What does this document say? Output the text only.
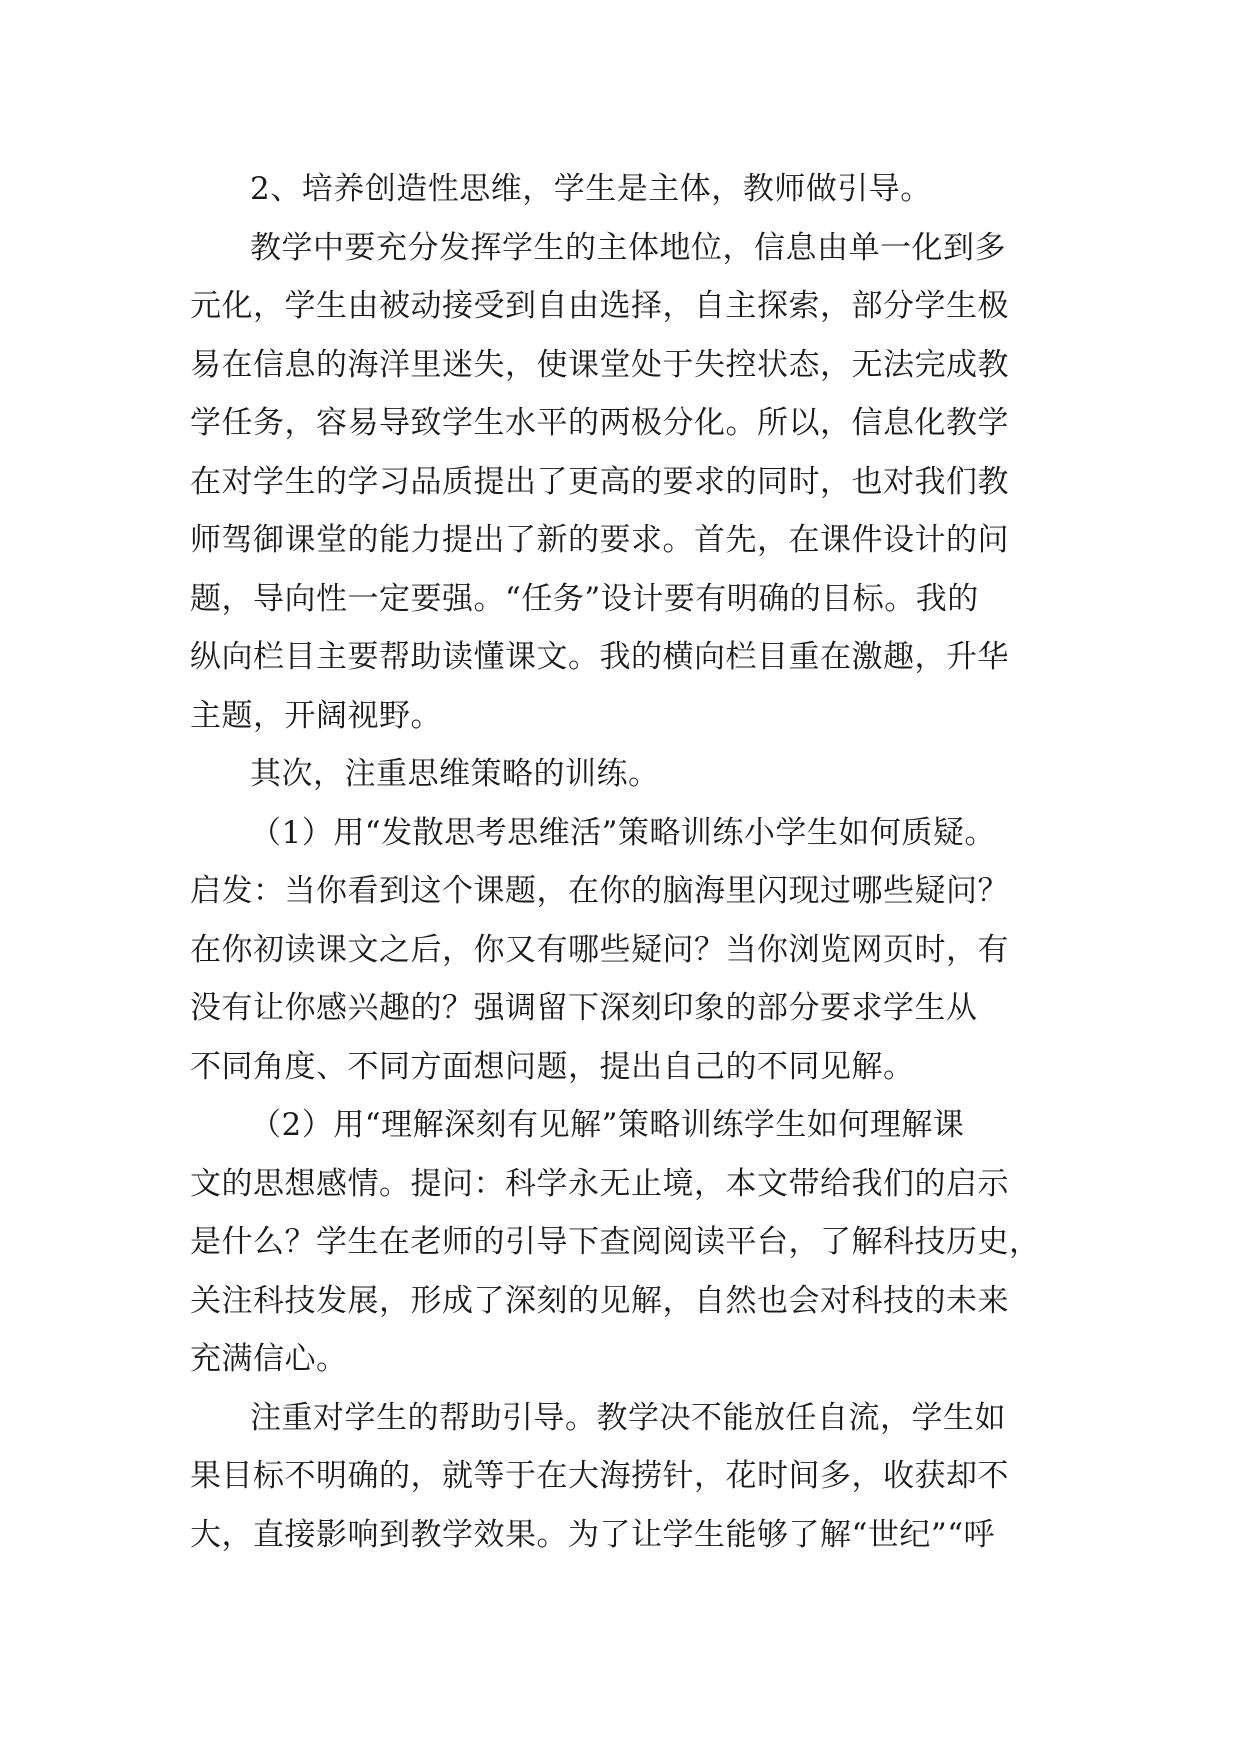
2、培养创造性思维，学生是主体，教师做引导。
教学中要充分发挥学生的主体地位，信息由单一化到多
元化，学生由被动接受到自由选择，自主探索，部分学生极
易在信息的海洋里迷失，使课堂处于失控状态，无法完成教
学任务，容易导致学生水平的两极分化。所以，信息化教学
在对学生的学习品质提出了更高的要求的同时，也对我们教
师驾御课堂的能力提出了新的要求。首先，在课件设计的问
题，导向性一定要强。“任务”设计要有明确的目标。我的
纵向栏目主要帮助读懂课文。我的横向栏目重在激趣，升华
主题，开阔视野。
其次，注重思维策略的训练。
（1）用“发散思考思维活”策略训练小学生如何质疑。
启发：当你看到这个课题，在你的脑海里闪现过哪些疑问？
在你初读课文之后，你又有哪些疑问？当你浏览网页时，有
没有让你感兴趣的？强调留下深刻印象的部分要求学生从
不同角度、不同方面想问题，提出自己的不同见解。
（2）用“理解深刻有见解”策略训练学生如何理解课
文的思想感情。提问：科学永无止境，本文带给我们的启示
是什么？学生在老师的引导下查阅阅读平台，了解科技历史，
关注科技发展，形成了深刻的见解，自然也会对科技的未来
充满信心。
注重对学生的帮助引导。教学决不能放任自流，学生如
果目标不明确的，就等于在大海捞针，花时间多，收获却不
大，直接影响到教学效果。为了让学生能够了解“世纪”“呼
